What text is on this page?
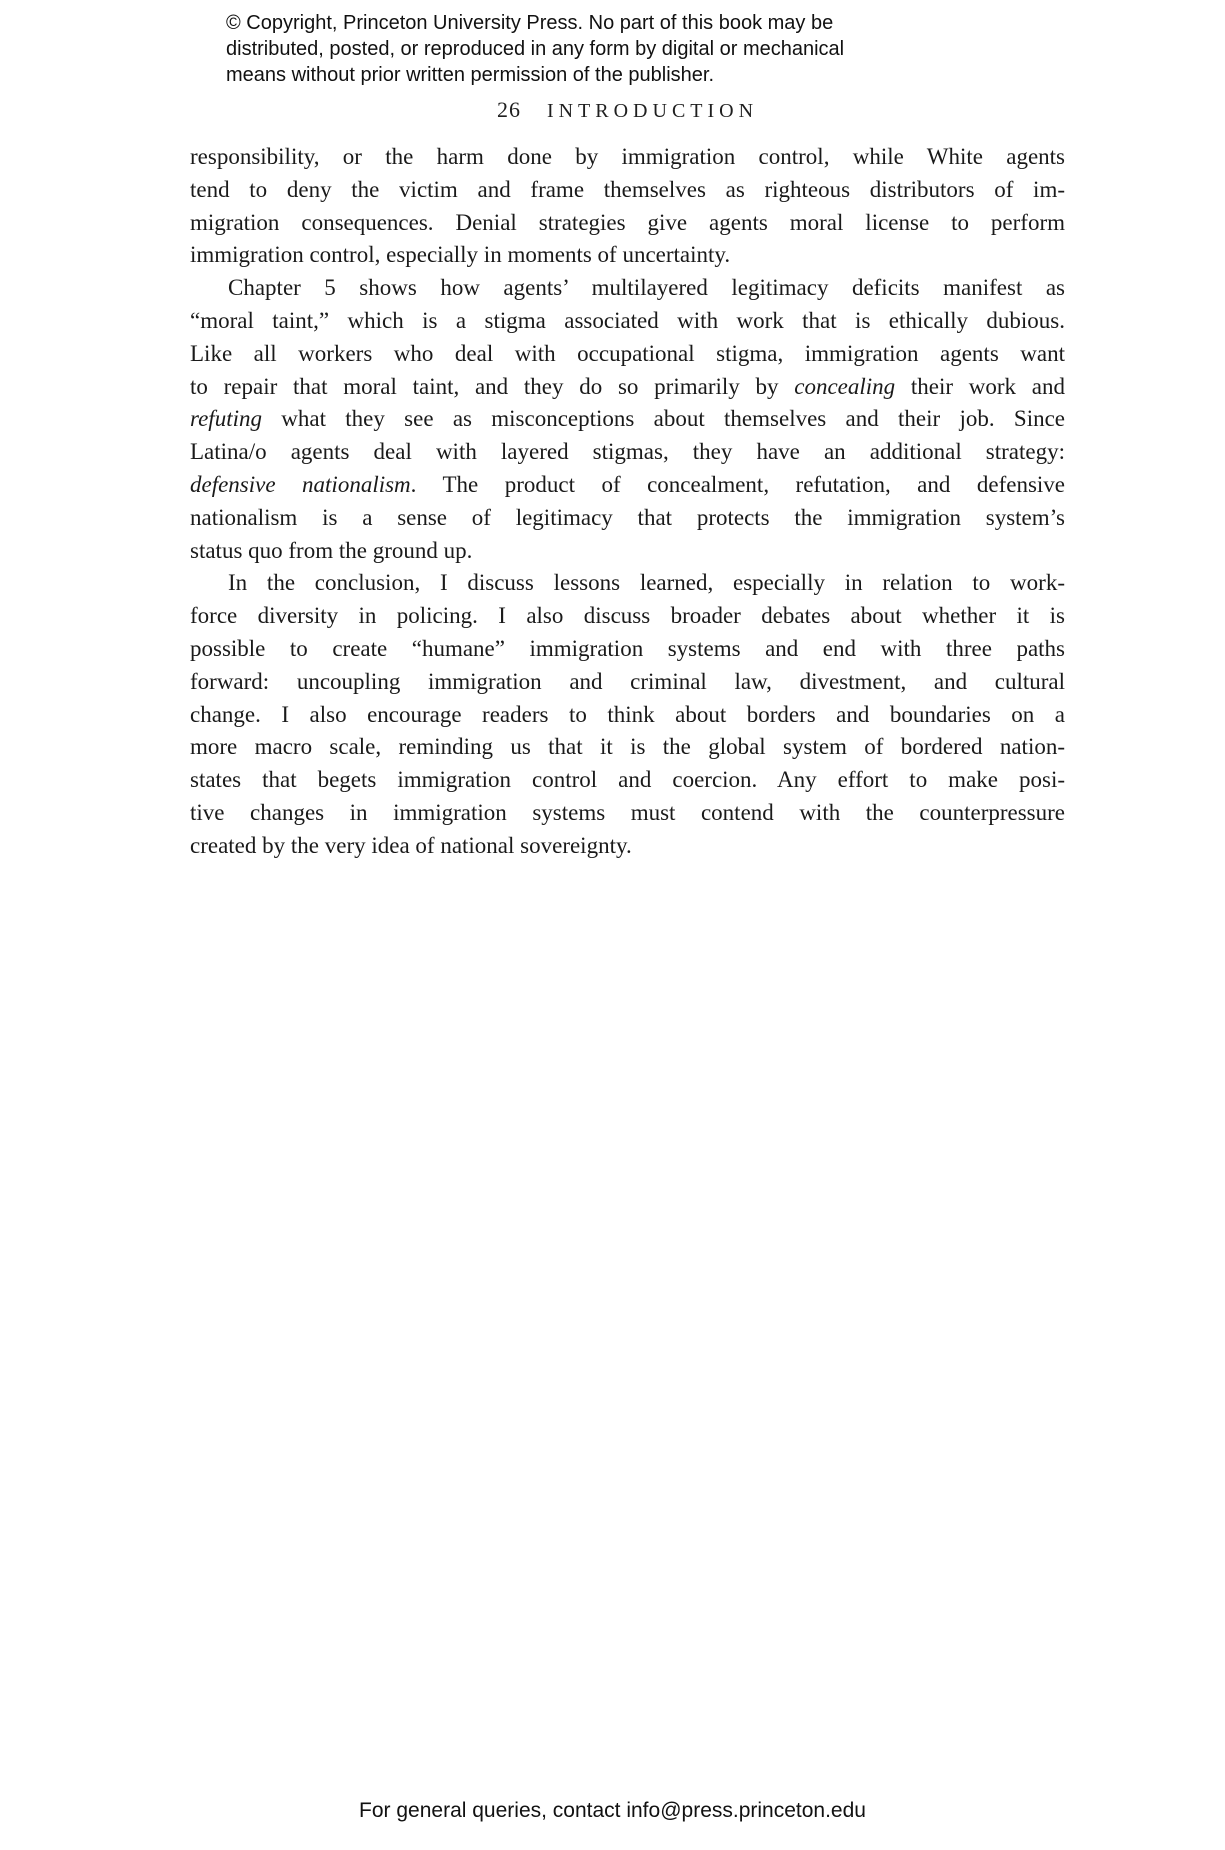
© Copyright, Princeton University Press. No part of this book may be
distributed, posted, or reproduced in any form by digital or mechanical
means without prior written permission of the publisher.
26 INTRODUCTION
responsibility, or the harm done by immigration control, while White agents
tend to deny the victim and frame themselves as righteous distributors of im-
migration consequences. Denial strategies give agents moral license to perform
immigration control, especially in moments of uncertainty.
Chapter 5 shows how agents’ multilayered legitimacy deficits manifest as
“moral taint,” which is a stigma associated with work that is ethically dubious.
Like all workers who deal with occupational stigma, immigration agents want
to repair that moral taint, and they do so primarily by concealing their work and
refuting what they see as misconceptions about themselves and their job. Since
Latina/o agents deal with layered stigmas, they have an additional strategy:
defensive nationalism. The product of concealment, refutation, and defensive
nationalism is a sense of legitimacy that protects the immigration system’s
status quo from the ground up.
In the conclusion, I discuss lessons learned, especially in relation to work-
force diversity in policing. I also discuss broader debates about whether it is
possible to create “humane” immigration systems and end with three paths
forward: uncoupling immigration and criminal law, divestment, and cultural
change. I also encourage readers to think about borders and boundaries on a
more macro scale, reminding us that it is the global system of bordered nation-
states that begets immigration control and coercion. Any effort to make posi-
tive changes in immigration systems must contend with the counterpressure
created by the very idea of national sovereignty.
For general queries, contact info@press.princeton.edu
